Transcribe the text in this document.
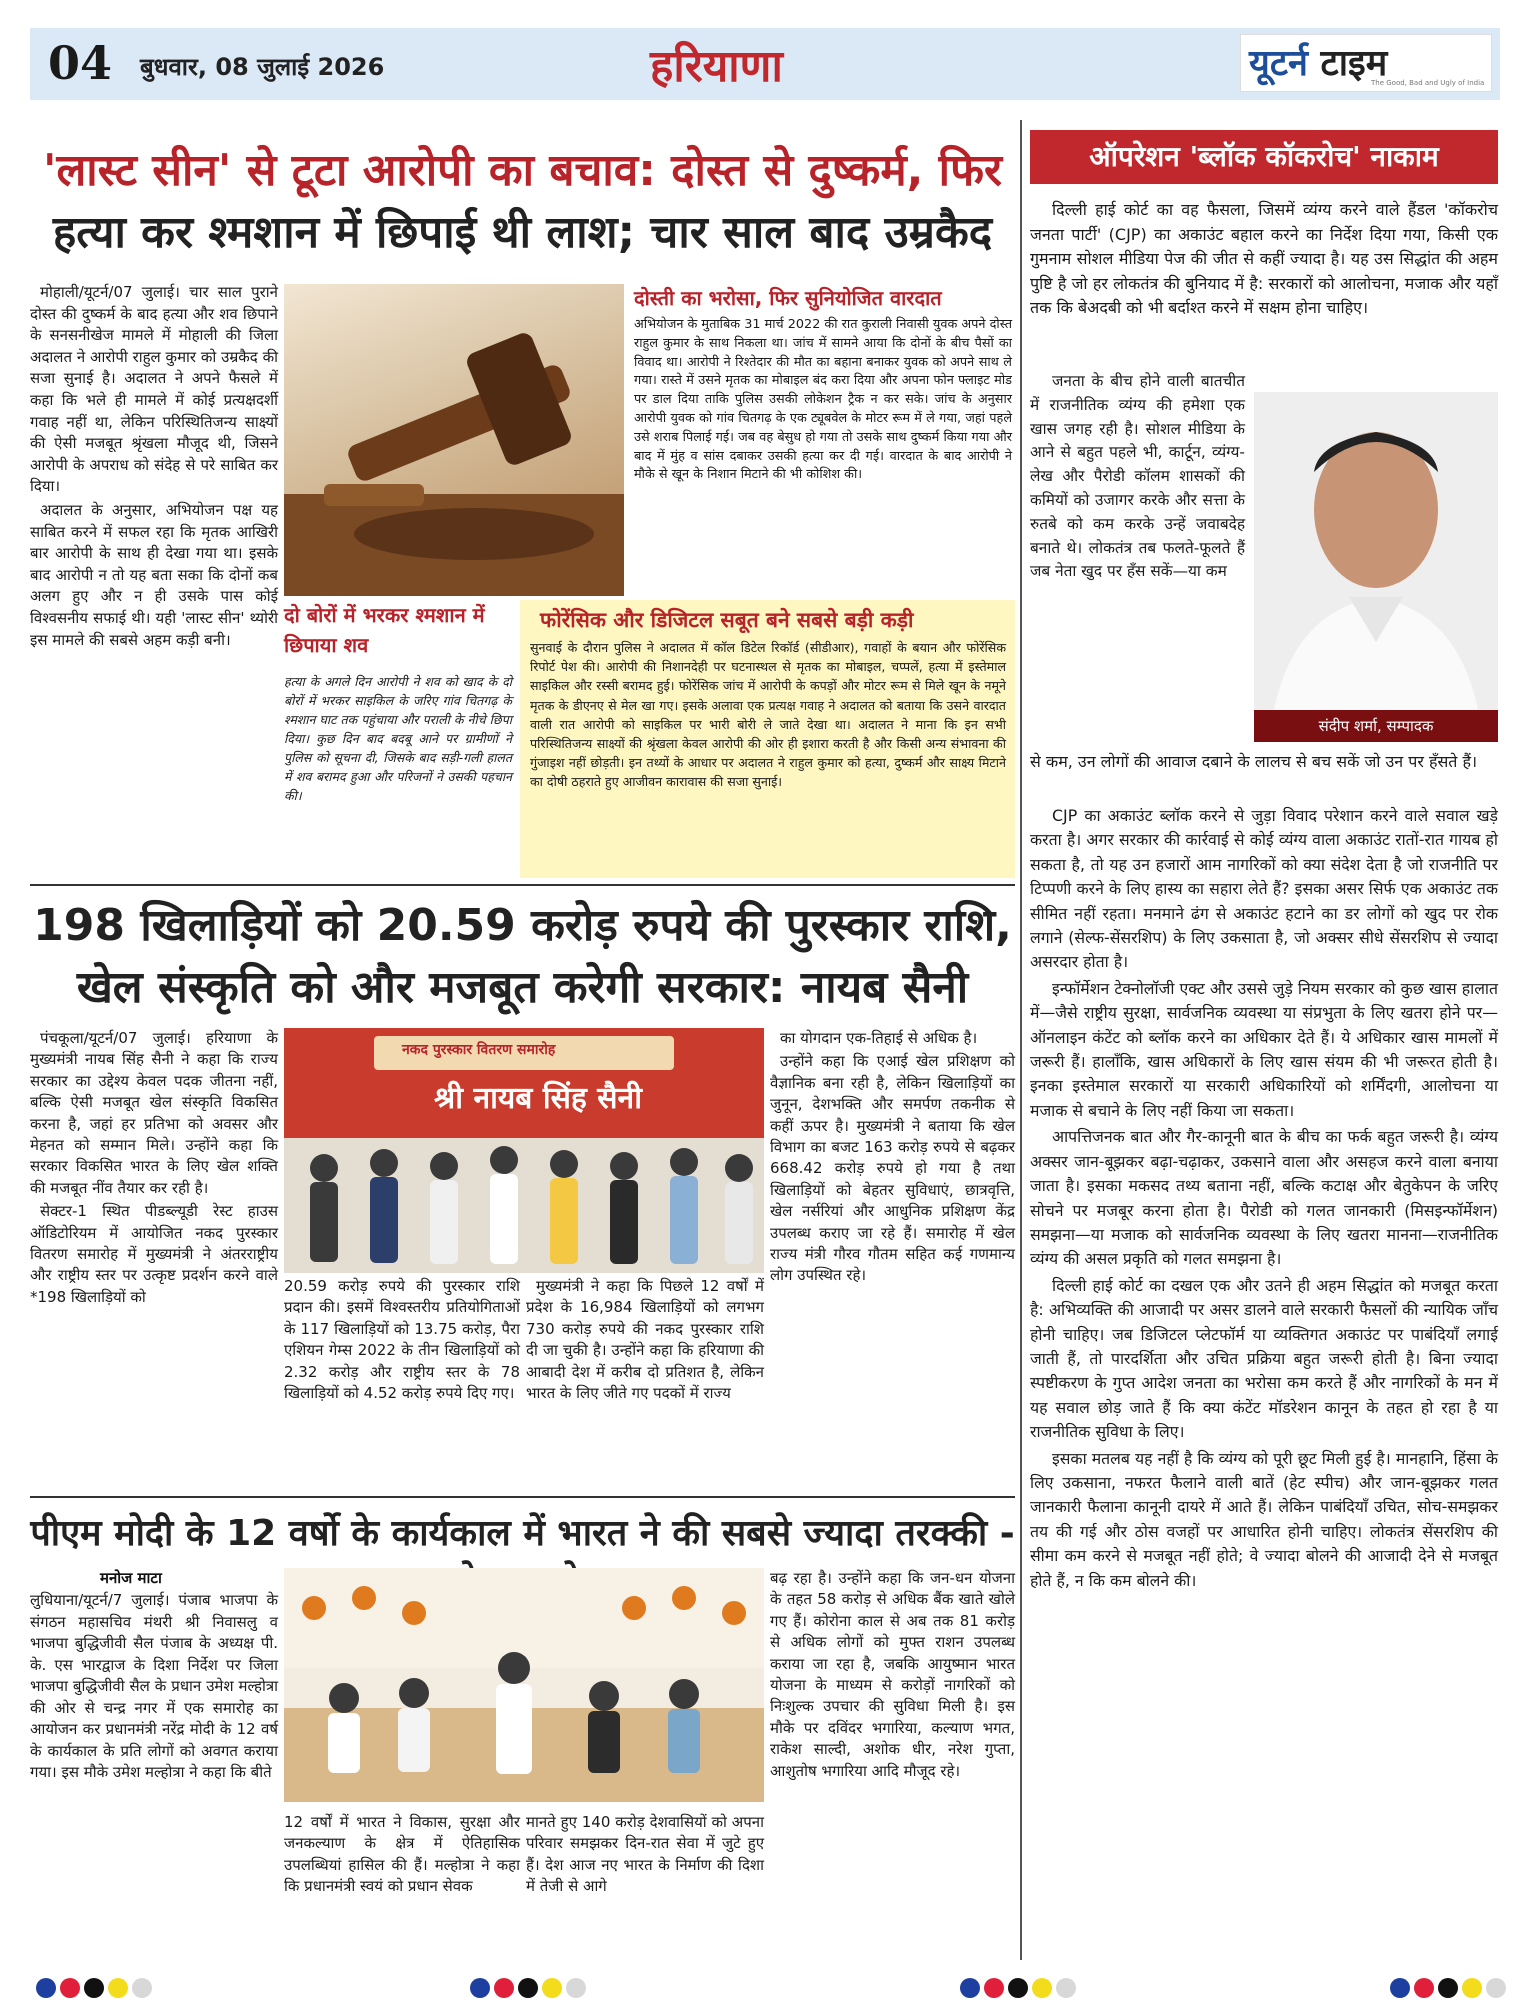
04 बुधवार, 08 जुलाई 2026	हरियाणा	यूटर्न टाइम
The Good, Bad and Ugly of India
'लास्ट सीन' से टूटा आरोपी का बचाव: दोस्त से दुष्कर्म, फिर
हत्या कर श्मशान में छिपाई थी लाश; चार साल बाद उम्रकैद

मोहाली/यूटर्न/07 जुलाई। चार साल पुराने दोस्त की दुष्कर्म के बाद हत्या और शव छिपाने के सनसनीखेज मामले में मोहाली की जिला अदालत ने आरोपी राहुल कुमार को उम्रकैद की सजा सुनाई है। अदालत ने अपने फैसले में कहा कि भले ही मामले में कोई प्रत्यक्षदर्शी गवाह नहीं था, लेकिन परिस्थितिजन्य साक्ष्यों की ऐसी मजबूत श्रृंखला मौजूद थी, जिसने आरोपी के अपराध को संदेह से परे साबित कर दिया।

अदालत के अनुसार, अभियोजन पक्ष यह साबित करने में सफल रहा कि मृतक आखिरी बार आरोपी के साथ ही देखा गया था। इसके बाद आरोपी न तो यह बता सका कि दोनों कब अलग हुए और न ही उसके पास कोई विश्वसनीय सफाई थी। यही 'लास्ट सीन' थ्योरी इस मामले की सबसे अहम कड़ी बनी।

दोस्ती का भरोसा, फिर सुनियोजित वारदात
अभियोजन के मुताबिक 31 मार्च 2022 की रात कुराली निवासी युवक अपने दोस्त राहुल कुमार के साथ निकला था। जांच में सामने आया कि दोनों के बीच पैसों का विवाद था। आरोपी ने रिश्तेदार की मौत का बहाना बनाकर युवक को अपने साथ ले गया। रास्ते में उसने मृतक का मोबाइल बंद करा दिया और अपना फोन फ्लाइट मोड पर डाल दिया ताकि पुलिस उसकी लोकेशन ट्रैक न कर सके। जांच के अनुसार आरोपी युवक को गांव चितगढ़ के एक ट्यूबवेल के मोटर रूम में ले गया, जहां पहले उसे शराब पिलाई गई। जब वह बेसुध हो गया तो उसके साथ दुष्कर्म किया गया और बाद में मुंह व सांस दबाकर उसकी हत्या कर दी गई। वारदात के बाद आरोपी ने मौके से खून के निशान मिटाने की भी कोशिश की।
दो बोरों में भरकर श्मशान में छिपाया शव
हत्या के अगले दिन आरोपी ने शव को खाद के दो बोरों में भरकर साइकिल के जरिए गांव चितगढ़ के श्मशान घाट तक पहुंचाया और पराली के नीचे छिपा दिया। कुछ दिन बाद बदबू आने पर ग्रामीणों ने पुलिस को सूचना दी, जिसके बाद सड़ी-गली हालत में शव बरामद हुआ और परिजनों ने उसकी पहचान की।
फोरेंसिक और डिजिटल सबूत बने सबसे बड़ी कड़ी
सुनवाई के दौरान पुलिस ने अदालत में कॉल डिटेल रिकॉर्ड (सीडीआर), गवाहों के बयान और फोरेंसिक रिपोर्ट पेश की। आरोपी की निशानदेही पर घटनास्थल से मृतक का मोबाइल, चप्पलें, हत्या में इस्तेमाल साइकिल और रस्सी बरामद हुई। फोरेंसिक जांच में आरोपी के कपड़ों और मोटर रूम से मिले खून के नमूने मृतक के डीएनए से मेल खा गए। इसके अलावा एक प्रत्यक्ष गवाह ने अदालत को बताया कि उसने वारदात वाली रात आरोपी को साइकिल पर भारी बोरी ले जाते देखा था। अदालत ने माना कि इन सभी परिस्थितिजन्य साक्ष्यों की श्रृंखला केवल आरोपी की ओर ही इशारा करती है और किसी अन्य संभावना की गुंजाइश नहीं छोड़ती। इन तथ्यों के आधार पर अदालत ने राहुल कुमार को हत्या, दुष्कर्म और साक्ष्य मिटाने का दोषी ठहराते हुए आजीवन कारावास की सजा सुनाई।
198 खिलाड़ियों को 20.59 करोड़ रुपये की पुरस्कार राशि,
खेल संस्कृति को और मजबूत करेगी सरकार: नायब सैनी

पंचकूला/यूटर्न/07 जुलाई। हरियाणा के मुख्यमंत्री नायब सिंह सैनी ने कहा कि राज्य सरकार का उद्देश्य केवल पदक जीतना नहीं, बल्कि ऐसी मजबूत खेल संस्कृति विकसित करना है, जहां हर प्रतिभा को अवसर और मेहनत को सम्मान मिले। उन्होंने कहा कि सरकार विकसित भारत के लिए खेल शक्ति की मजबूत नींव तैयार कर रही है।

सेक्टर-1 स्थित पीडब्ल्यूडी रेस्ट हाउस ऑडिटोरियम में आयोजित नकद पुरस्कार वितरण समारोह में मुख्यमंत्री ने अंतरराष्ट्रीय और राष्ट्रीय स्तर पर उत्कृष्ट प्रदर्शन करने वाले *198 खिलाड़ियों को

नकद पुरस्कार वितरण समारोह
श्री नायब सिंह सैनी
20.59 करोड़ रुपये की पुरस्कार राशि प्रदान की। इसमें विश्वस्तरीय प्रतियोगिताओं के 117 खिलाड़ियों को 13.75 करोड़, पैरा एशियन गेम्स 2022 के तीन खिलाड़ियों को 2.32 करोड़ और राष्ट्रीय स्तर के 78 खिलाड़ियों को 4.52 करोड़ रुपये दिए गए।
मुख्यमंत्री ने कहा कि पिछले 12 वर्षों में प्रदेश के 16,984 खिलाड़ियों को लगभग 730 करोड़ रुपये की नकद पुरस्कार राशि दी जा चुकी है। उन्होंने कहा कि हरियाणा की आबादी देश में करीब दो प्रतिशत है, लेकिन भारत के लिए जीते गए पदकों में राज्य

का योगदान एक-तिहाई से अधिक है।

उन्होंने कहा कि एआई खेल प्रशिक्षण को वैज्ञानिक बना रही है, लेकिन खिलाड़ियों का जुनून, देशभक्ति और समर्पण तकनीक से कहीं ऊपर है। मुख्यमंत्री ने बताया कि खेल विभाग का बजट 163 करोड़ रुपये से बढ़कर 668.42 करोड़ रुपये हो गया है तथा खिलाड़ियों को बेहतर सुविधाएं, छात्रवृत्ति, खेल नर्सरियां और आधुनिक प्रशिक्षण केंद्र उपलब्ध कराए जा रहे हैं। समारोह में खेल राज्य मंत्री गौरव गौतम सहित कई गणमान्य लोग उपस्थित रहे।

पीएम मोदी के 12 वर्षो के कार्यकाल में भारत ने की सबसे ज्यादा तरक्की -
मनोज माटा
लुधियाना/यूटर्न/7 जुलाई। पंजाब भाजपा के संगठन महासचिव मंथरी श्री निवासलु व भाजपा बुद्धिजीवी सैल पंजाब के अध्यक्ष पी. के. एस भारद्वाज के दिशा निर्देश पर जिला भाजपा बुद्धिजीवी सैल के प्रधान उमेश मल्होत्रा की ओर से चन्द्र नगर में एक समारोह का आयोजन कर प्रधानमंत्री नरेंद्र मोदी के 12 वर्ष के कार्यकाल के प्रति लोगों को अवगत कराया गया। इस मौके उमेश मल्होत्रा ने कहा कि बीते
12 वर्षों में भारत ने विकास, सुरक्षा और जनकल्याण के क्षेत्र में ऐतिहासिक उपलब्धियां हासिल की हैं। मल्होत्रा ने कहा कि प्रधानमंत्री स्वयं को प्रधान सेवक
मानते हुए 140 करोड़ देशवासियों को अपना परिवार समझकर दिन-रात सेवा में जुटे हुए हैं। देश आज नए भारत के निर्माण की दिशा में तेजी से आगे
बढ़ रहा है। उन्होंने कहा कि जन-धन योजना के तहत 58 करोड़ से अधिक बैंक खाते खोले गए हैं। कोरोना काल से अब तक 81 करोड़ से अधिक लोगों को मुफ्त राशन उपलब्ध कराया जा रहा है, जबकि आयुष्मान भारत योजना के माध्यम से करोड़ों नागरिकों को निःशुल्क उपचार की सुविधा मिली है। इस मौके पर दविंदर भगारिया, कल्याण भगत, राकेश साल्दी, अशोक धीर, नरेश गुप्ता, आशुतोष भगारिया आदि मौजूद रहे।
ऑपरेशन 'ब्लॉक कॉकरोच' नाकाम

दिल्ली हाई कोर्ट का वह फैसला, जिसमें व्यंग्य करने वाले हैंडल 'कॉकरोच जनता पार्टी' (CJP) का अकाउंट बहाल करने का निर्देश दिया गया, किसी एक गुमनाम सोशल मीडिया पेज की जीत से कहीं ज्यादा है। यह उस सिद्धांत की अहम पुष्टि है जो हर लोकतंत्र की बुनियाद में है: सरकारों को आलोचना, मजाक और यहाँ तक कि बेअदबी को भी बर्दाश्त करने में सक्षम होना चाहिए।

जनता के बीच होने वाली बातचीत में राजनीतिक व्यंग्य की हमेशा एक खास जगह रही है। सोशल मीडिया के आने से बहुत पहले भी, कार्टून, व्यंग्य-लेख और पैरोडी कॉलम शासकों की कमियों को उजागर करके और सत्ता के रुतबे को कम करके उन्हें जवाबदेह बनाते थे। लोकतंत्र तब फलते-फूलते हैं जब नेता खुद पर हँस सकें—या कम

संदीप शर्मा, सम्पादक

से कम, उन लोगों की आवाज दबाने के लालच से बच सकें जो उन पर हँसते हैं।

CJP का अकाउंट ब्लॉक करने से जुड़ा विवाद परेशान करने वाले सवाल खड़े करता है। अगर सरकार की कार्रवाई से कोई व्यंग्य वाला अकाउंट रातों-रात गायब हो सकता है, तो यह उन हजारों आम नागरिकों को क्या संदेश देता है जो राजनीति पर टिप्पणी करने के लिए हास्य का सहारा लेते हैं? इसका असर सिर्फ एक अकाउंट तक सीमित नहीं रहता। मनमाने ढंग से अकाउंट हटाने का डर लोगों को खुद पर रोक लगाने (सेल्फ-सेंसरशिप) के लिए उकसाता है, जो अक्सर सीधे सेंसरशिप से ज्यादा असरदार होता है।

इन्फॉर्मेशन टेक्नोलॉजी एक्ट और उससे जुड़े नियम सरकार को कुछ खास हालात में—जैसे राष्ट्रीय सुरक्षा, सार्वजनिक व्यवस्था या संप्रभुता के लिए खतरा होने पर—ऑनलाइन कंटेंट को ब्लॉक करने का अधिकार देते हैं। ये अधिकार खास मामलों में जरूरी हैं। हालाँकि, खास अधिकारों के लिए खास संयम की भी जरूरत होती है। इनका इस्तेमाल सरकारों या सरकारी अधिकारियों को शर्मिंदगी, आलोचना या मजाक से बचाने के लिए नहीं किया जा सकता।

आपत्तिजनक बात और गैर-कानूनी बात के बीच का फर्क बहुत जरूरी है। व्यंग्य अक्सर जान-बूझकर बढ़ा-चढ़ाकर, उकसाने वाला और असहज करने वाला बनाया जाता है। इसका मकसद तथ्य बताना नहीं, बल्कि कटाक्ष और बेतुकेपन के जरिए सोचने पर मजबूर करना होता है। पैरोडी को गलत जानकारी (मिसइन्फॉर्मेशन) समझना—या मजाक को सार्वजनिक व्यवस्था के लिए खतरा मानना—राजनीतिक व्यंग्य की असल प्रकृति को गलत समझना है।

दिल्ली हाई कोर्ट का दखल एक और उतने ही अहम सिद्धांत को मजबूत करता है: अभिव्यक्ति की आजादी पर असर डालने वाले सरकारी फैसलों की न्यायिक जाँच होनी चाहिए। जब डिजिटल प्लेटफॉर्म या व्यक्तिगत अकाउंट पर पाबंदियाँ लगाई जाती हैं, तो पारदर्शिता और उचित प्रक्रिया बहुत जरूरी होती है। बिना ज्यादा स्पष्टीकरण के गुप्त आदेश जनता का भरोसा कम करते हैं और नागरिकों के मन में यह सवाल छोड़ जाते हैं कि क्या कंटेंट मॉडरेशन कानून के तहत हो रहा है या राजनीतिक सुविधा के लिए।

इसका मतलब यह नहीं है कि व्यंग्य को पूरी छूट मिली हुई है। मानहानि, हिंसा के लिए उकसाना, नफरत फैलाने वाली बातें (हेट स्पीच) और जान-बूझकर गलत जानकारी फैलाना कानूनी दायरे में आते हैं। लेकिन पाबंदियाँ उचित, सोच-समझकर तय की गई और ठोस वजहों पर आधारित होनी चाहिए। लोकतंत्र सेंसरशिप की सीमा कम करने से मजबूत नहीं होते; वे ज्यादा बोलने की आजादी देने से मजबूत होते हैं, न कि कम बोलने की।
